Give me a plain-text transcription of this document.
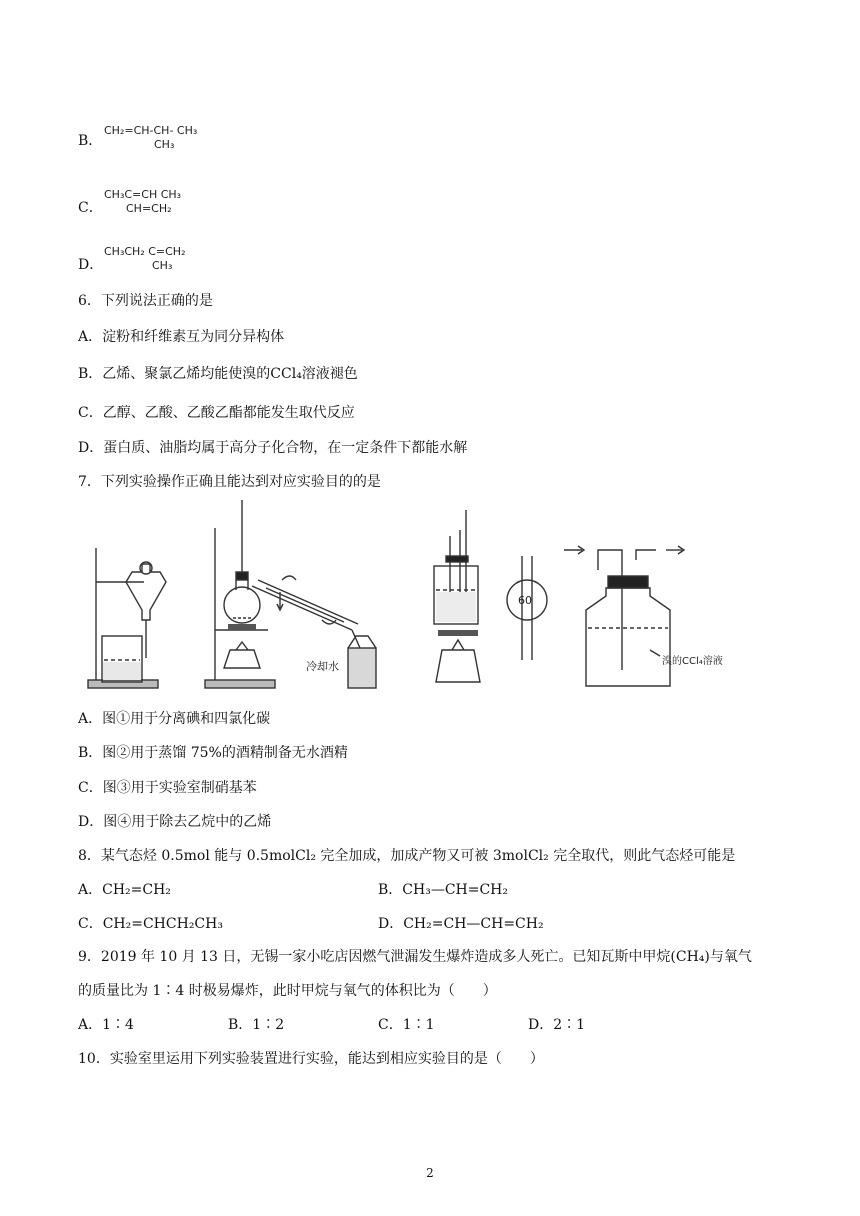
B．
CH₂=CH-CH- CH₃
CH₃
C．
CH₃C=CH CH₃
CH=CH₂
D．
CH₃CH₂ C=CH₂
CH₃
6．下列说法正确的是
A．淀粉和纤维素互为同分异构体
B．乙烯、聚氯乙烯均能使溴的CCl₄溶液褪色
C．乙醇、乙酸、乙酸乙酯都能发生取代反应
D．蛋白质、油脂均属于高分子化合物，在一定条件下都能水解
7．下列实验操作正确且能达到对应实验目的的是
冷却水
60
溴的CCl₄溶液
A．图①用于分离碘和四氯化碳
B．图②用于蒸馏 75%的酒精制备无水酒精
C．图③用于实验室制硝基苯
D．图④用于除去乙烷中的乙烯
8．某气态烃 0.5mol 能与 0.5molCl₂ 完全加成，加成产物又可被 3molCl₂ 完全取代，则此气态烃可能是
A．CH₂=CH₂	B．CH₃—CH=CH₂
C．CH₂=CHCH₂CH₃	D．CH₂=CH—CH=CH₂
9．2019 年 10 月 13 日，无锡一家小吃店因燃气泄漏发生爆炸造成多人死亡。已知瓦斯中甲烷(CH₄)与氧气
的质量比为 1∶4 时极易爆炸，此时甲烷与氧气的体积比为（　　）
A．1∶4	B．1∶2	C．1∶1	D．2∶1
10．实验室里运用下列实验装置进行实验，能达到相应实验目的是（　　）
2
